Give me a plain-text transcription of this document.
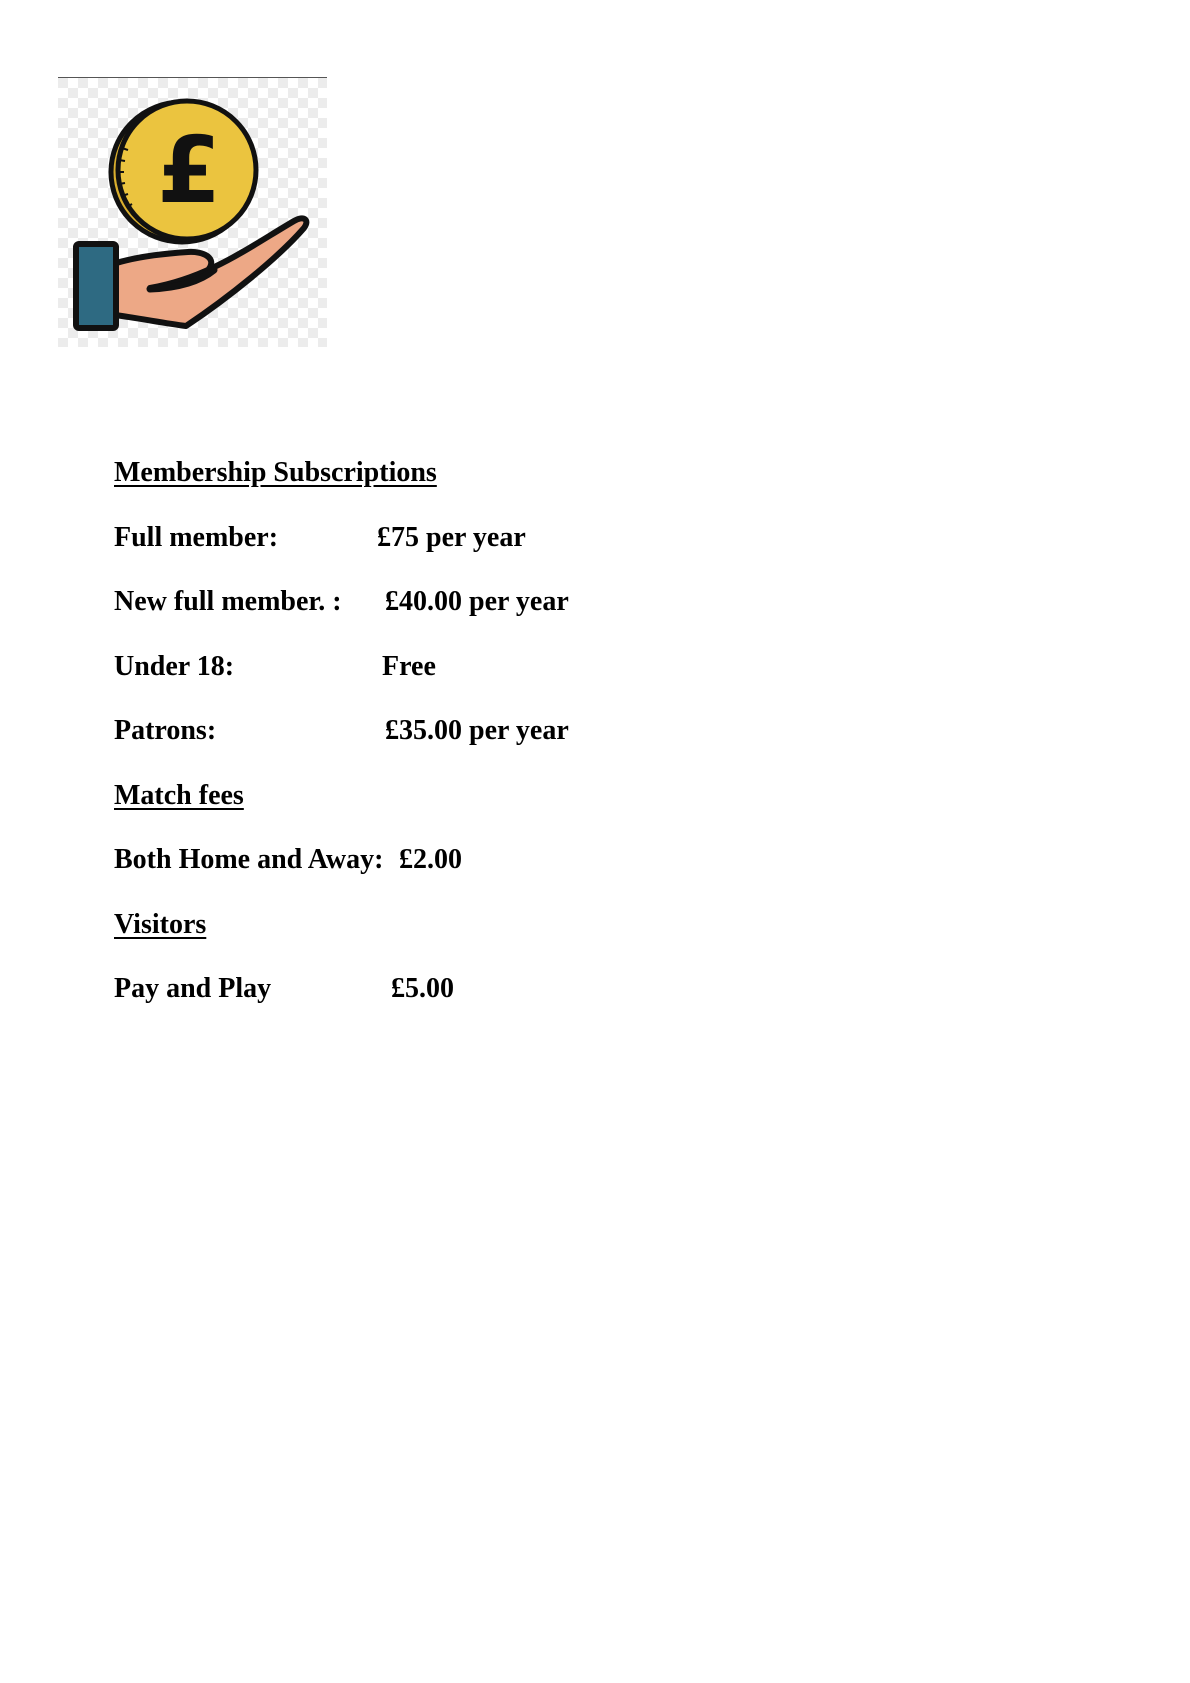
£
Membership Subscriptions
Full member:	£75 per year
New full member. : £40.00 per year
Under 18:	Free
Patrons:	£35.00 per year
Match fees
Both Home and Away: £2.00
Visitors
Pay and Play	£5.00
